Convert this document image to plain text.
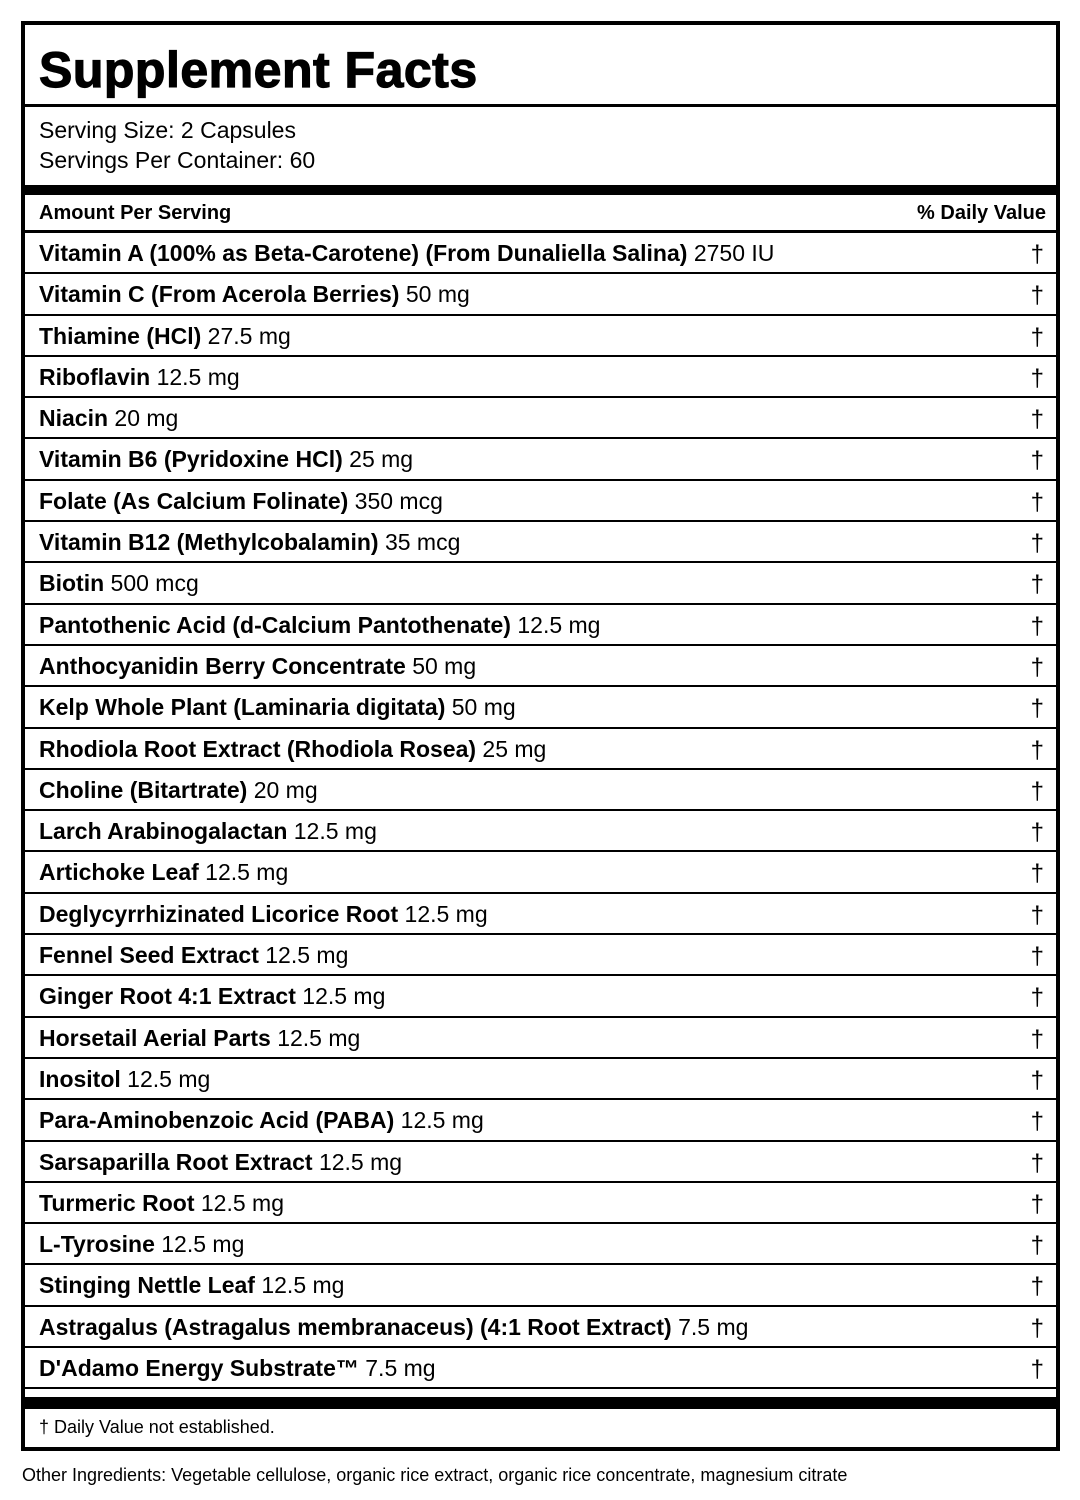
Supplement Facts
Serving Size: 2 Capsules
Servings Per Container: 60
Amount Per Serving	% Daily Value
Vitamin A (100% as Beta-Carotene) (From Dunaliella Salina) 2750 IU	†
Vitamin C (From Acerola Berries) 50 mg	†
Thiamine (HCl) 27.5 mg	†
Riboflavin 12.5 mg	†
Niacin 20 mg	†
Vitamin B6 (Pyridoxine HCl) 25 mg	†
Folate (As Calcium Folinate) 350 mcg	†
Vitamin B12 (Methylcobalamin) 35 mcg	†
Biotin 500 mcg	†
Pantothenic Acid (d-Calcium Pantothenate) 12.5 mg	†
Anthocyanidin Berry Concentrate 50 mg	†
Kelp Whole Plant (Laminaria digitata) 50 mg	†
Rhodiola Root Extract (Rhodiola Rosea) 25 mg	†
Choline (Bitartrate) 20 mg	†
Larch Arabinogalactan 12.5 mg	†
Artichoke Leaf 12.5 mg	†
Deglycyrrhizinated Licorice Root 12.5 mg	†
Fennel Seed Extract 12.5 mg	†
Ginger Root 4:1 Extract 12.5 mg	†
Horsetail Aerial Parts 12.5 mg	†
Inositol 12.5 mg	†
Para-Aminobenzoic Acid (PABA) 12.5 mg	†
Sarsaparilla Root Extract 12.5 mg	†
Turmeric Root 12.5 mg	†
L-Tyrosine 12.5 mg	†
Stinging Nettle Leaf 12.5 mg	†
Astragalus (Astragalus membranaceus) (4:1 Root Extract) 7.5 mg	†
D'Adamo Energy Substrate™ 7.5 mg	†
† Daily Value not established.
Other Ingredients: Vegetable cellulose, organic rice extract, organic rice concentrate, magnesium citrate
